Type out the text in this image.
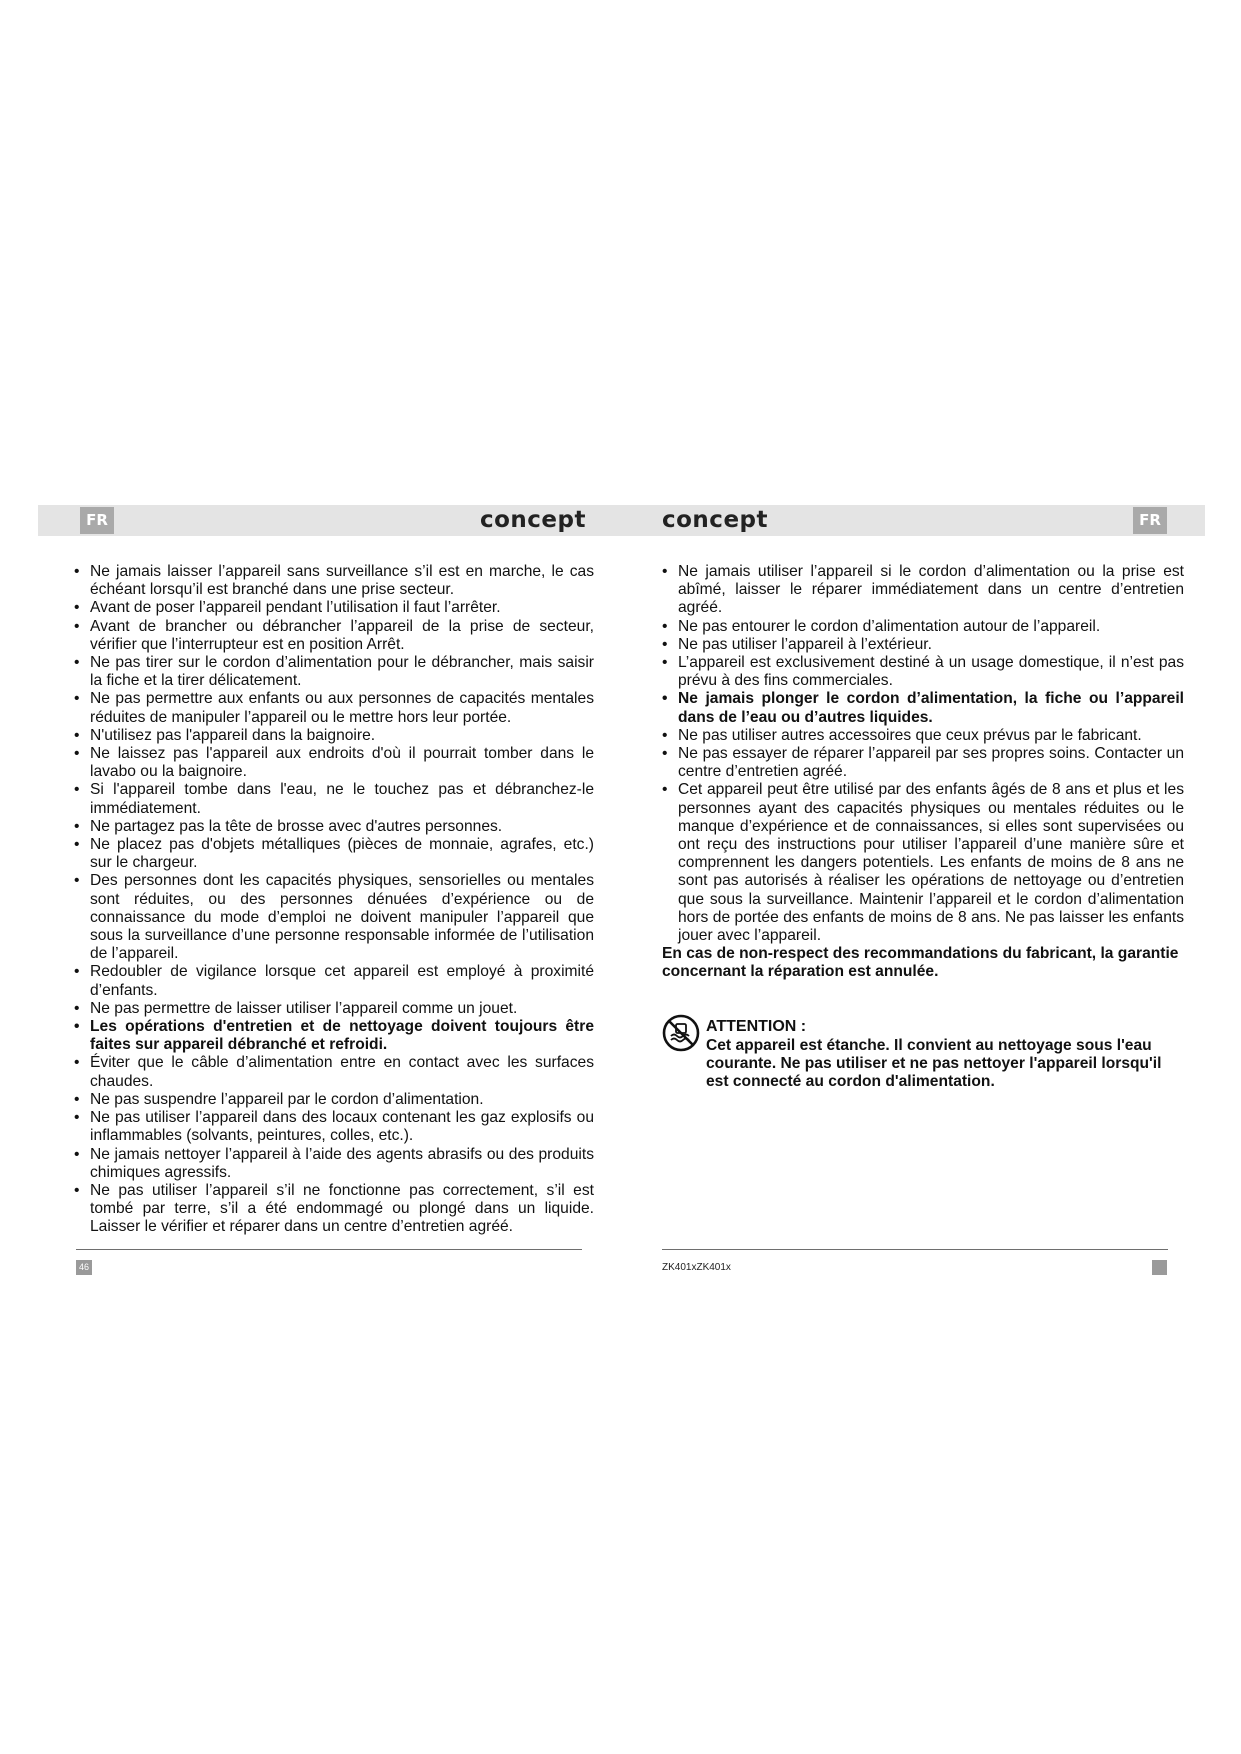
FR	concept	concept	FR
• Ne jamais laisser l’appareil sans surveillance s’il est en marche, le cas échéant lorsqu’il est branché dans une prise secteur.
• Avant de poser l’appareil pendant l’utilisation il faut l’arrêter.
• Avant de brancher ou débrancher l’appareil de la prise de secteur, vérifier que l’interrupteur est en position Arrêt.
• Ne pas tirer sur le cordon d’alimentation pour le débrancher, mais saisir la fiche et la tirer délicatement.
• Ne pas permettre aux enfants ou aux personnes de capacités mentales réduites de manipuler l’appareil ou le mettre hors leur portée.
• N'utilisez pas l'appareil dans la baignoire.
• Ne laissez pas l'appareil aux endroits d'où il pourrait tomber dans le lavabo ou la baignoire.
• Si l'appareil tombe dans l'eau, ne le touchez pas et débranchez-le immédiatement.
• Ne partagez pas la tête de brosse avec d'autres personnes.
• Ne placez pas d'objets métalliques (pièces de monnaie, agrafes, etc.) sur le chargeur.
• Des personnes dont les capacités physiques, sensorielles ou mentales sont réduites, ou des personnes dénuées d’expérience ou de connaissance du mode d’emploi ne doivent manipuler l’appareil que sous la surveillance d’une personne responsable informée de l’utilisation de l’appareil.
• Redoubler de vigilance lorsque cet appareil est employé à proximité d’enfants.
• Ne pas permettre de laisser utiliser l’appareil comme un jouet.
• Les opérations d'entretien et de nettoyage doivent toujours être faites sur appareil débranché et refroidi.
• Éviter que le câble d’alimentation entre en contact avec les surfaces chaudes.
• Ne pas suspendre l’appareil par le cordon d’alimentation.
• Ne pas utiliser l’appareil dans des locaux contenant les gaz explosifs ou inflammables (solvants, peintures, colles, etc.).
• Ne jamais nettoyer l’appareil à l’aide des agents abrasifs ou des produits chimiques agressifs.
• Ne pas utiliser l’appareil s’il ne fonctionne pas correctement, s’il est tombé par terre, s’il a été endommagé ou plongé dans un liquide. Laisser le vérifier et réparer dans un centre d’entretien agréé.
• Ne jamais utiliser l’appareil si le cordon d’alimentation ou la prise est abîmé, laisser le réparer immédiatement dans un centre d’entretien agréé.
• Ne pas entourer le cordon d’alimentation autour de l’appareil.
• Ne pas utiliser l’appareil à l’extérieur.
• L’appareil est exclusivement destiné à un usage domestique, il n’est pas prévu à des fins commerciales.
• Ne jamais plonger le cordon d’alimentation, la fiche ou l’appareil dans de l’eau ou d’autres liquides.
• Ne pas utiliser autres accessoires que ceux prévus par le fabricant.
• Ne pas essayer de réparer l’appareil par ses propres soins. Contacter un centre d’entretien agréé.
• Cet appareil peut être utilisé par des enfants âgés de 8 ans et plus et les personnes ayant des capacités physiques ou mentales réduites ou le manque d’expérience et de connaissances, si elles sont supervisées ou ont reçu des instructions pour utiliser l’appareil d’une manière sûre et comprennent les dangers potentiels. Les enfants de moins de 8 ans ne sont pas autorisés à réaliser les opérations de nettoyage ou d’entretien que sous la surveillance. Maintenir l’appareil et le cordon d’alimentation hors de portée des enfants de moins de 8 ans. Ne pas laisser les enfants jouer avec l’appareil.
En cas de non-respect des recommandations du fabricant, la garantie concernant la réparation est annulée.
ATTENTION :
Cet appareil est étanche. Il convient au nettoyage sous l'eau courante. Ne pas utiliser et ne pas nettoyer l'appareil lorsqu'il est connecté au cordon d'alimentation.
46	ZK401xZK401x
